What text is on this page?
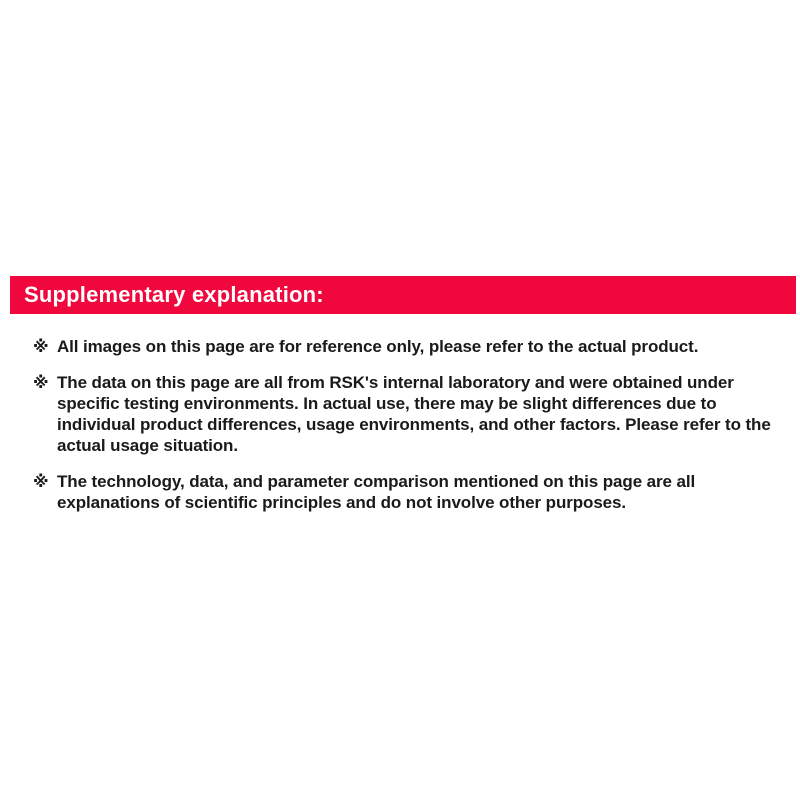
Supplementary explanation:
※ All images on this page are for reference only, please refer to the actual product.
※ The data on this page are all from RSK's internal laboratory and were obtained under specific testing environments. In actual use, there may be slight differences due to individual product differences, usage environments, and other factors. Please refer to the actual usage situation.
※ The technology, data, and parameter comparison mentioned on this page are all explanations of scientific principles and do not involve other purposes.
